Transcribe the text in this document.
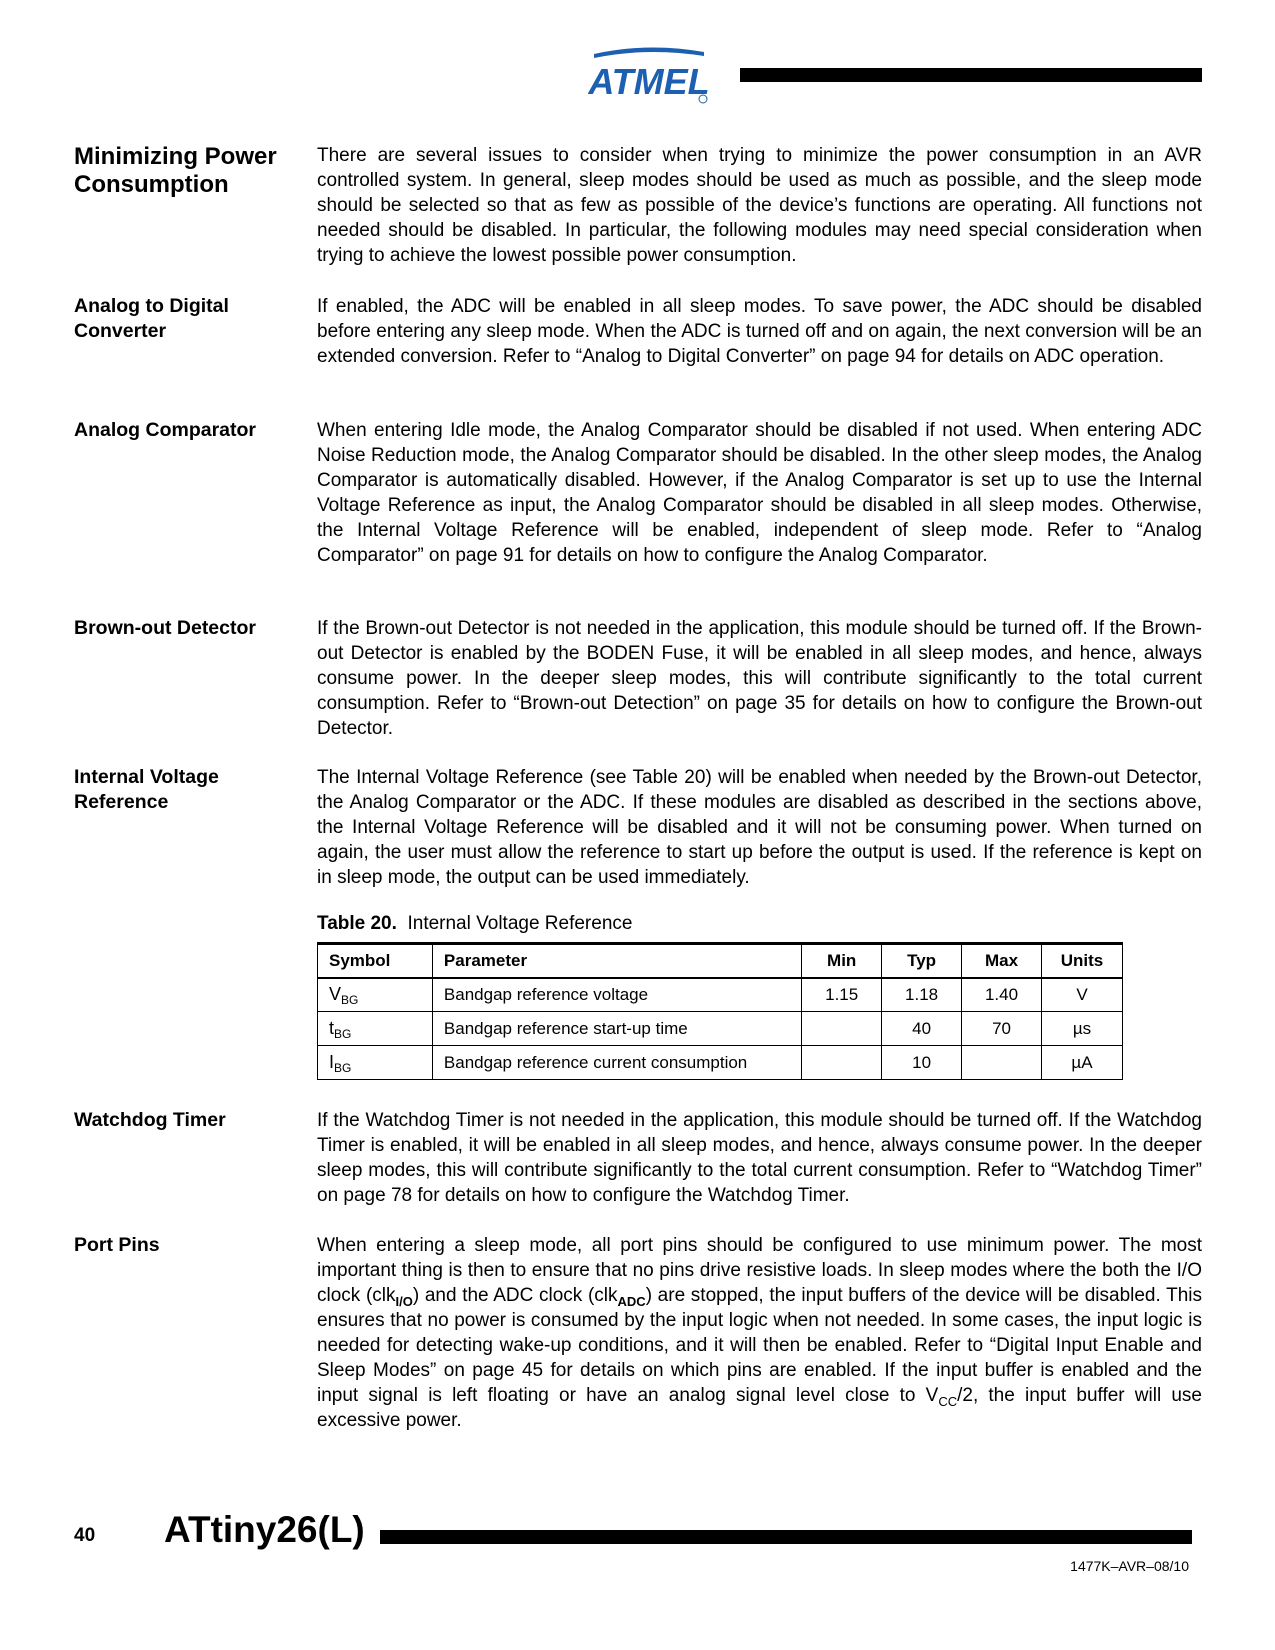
ATMEL
Minimizing Power Consumption

There are several issues to consider when trying to minimize the power consumption in an AVR controlled system. In general, sleep modes should be used as much as possible, and the sleep mode should be selected so that as few as possible of the device’s functions are operating. All functions not needed should be disabled. In particular, the following modules may need special consideration when trying to achieve the lowest possible power consumption.

Analog to Digital Converter

If enabled, the ADC will be enabled in all sleep modes. To save power, the ADC should be disabled before entering any sleep mode. When the ADC is turned off and on again, the next conversion will be an extended conversion. Refer to “Analog to Digital Converter” on page 94 for details on ADC operation.

Analog Comparator	When entering Idle mode, the Analog Comparator should be disabled if not used. When entering ADC Noise Reduction mode, the Analog Comparator should be disabled. In the other sleep modes, the Analog Comparator is automatically disabled. However, if the Analog Comparator is set up to use the Internal Voltage Reference as input, the Analog Comparator should be disabled in all sleep modes. Otherwise, the Internal Voltage Reference will be enabled, independent of sleep mode. Refer to “Analog Comparator” on page 91 for details on how to configure the Analog Comparator.

Brown-out Detector	If the Brown-out Detector is not needed in the application, this module should be turned off. If the Brown-out Detector is enabled by the BODEN Fuse, it will be enabled in all sleep modes, and hence, always consume power. In the deeper sleep modes, this will contribute significantly to the total current consumption. Refer to “Brown-out Detection” on page 35 for details on how to configure the Brown-out Detector.

Internal Voltage Reference

The Internal Voltage Reference (see Table 20) will be enabled when needed by the Brown-out Detector, the Analog Comparator or the ADC. If these modules are disabled as described in the sections above, the Internal Voltage Reference will be disabled and it will not be consuming power. When turned on again, the user must allow the reference to start up before the output is used. If the reference is kept on in sleep mode, the output can be used immediately.

Table 20. Internal Voltage Reference
Symbol	Parameter	Min	Typ	Max	Units
$V_{BG}$	Bandgap reference voltage	1.15	1.18	1.40	V
$t_{BG}$	Bandgap reference start-up time		40	70	µs
$I_{BG}$	Bandgap reference current consumption		10		µA
Watchdog Timer	If the Watchdog Timer is not needed in the application, this module should be turned off. If the Watchdog Timer is enabled, it will be enabled in all sleep modes, and hence, always consume power. In the deeper sleep modes, this will contribute significantly to the total current consumption. Refer to “Watchdog Timer” on page 78 for details on how to configure the Watchdog Timer.

Port Pins	When entering a sleep mode, all port pins should be configured to use minimum power. The most important thing is then to ensure that no pins drive resistive loads. In sleep modes where the both the I/O clock (clk$_{I/O}$) and the ADC clock (clk$_{ADC}$) are stopped, the input buffers of the device will be disabled. This ensures that no power is consumed by the input logic when not needed. In some cases, the input logic is needed for detecting wake-up conditions, and it will then be enabled. Refer to “Digital Input Enable and Sleep Modes” on page 45 for details on which pins are enabled. If the input buffer is enabled and the input signal is left floating or have an analog signal level close to $V_{CC}/2$, the input buffer will use excessive power.

40 ATtiny26(L)
1477K–AVR–08/10
